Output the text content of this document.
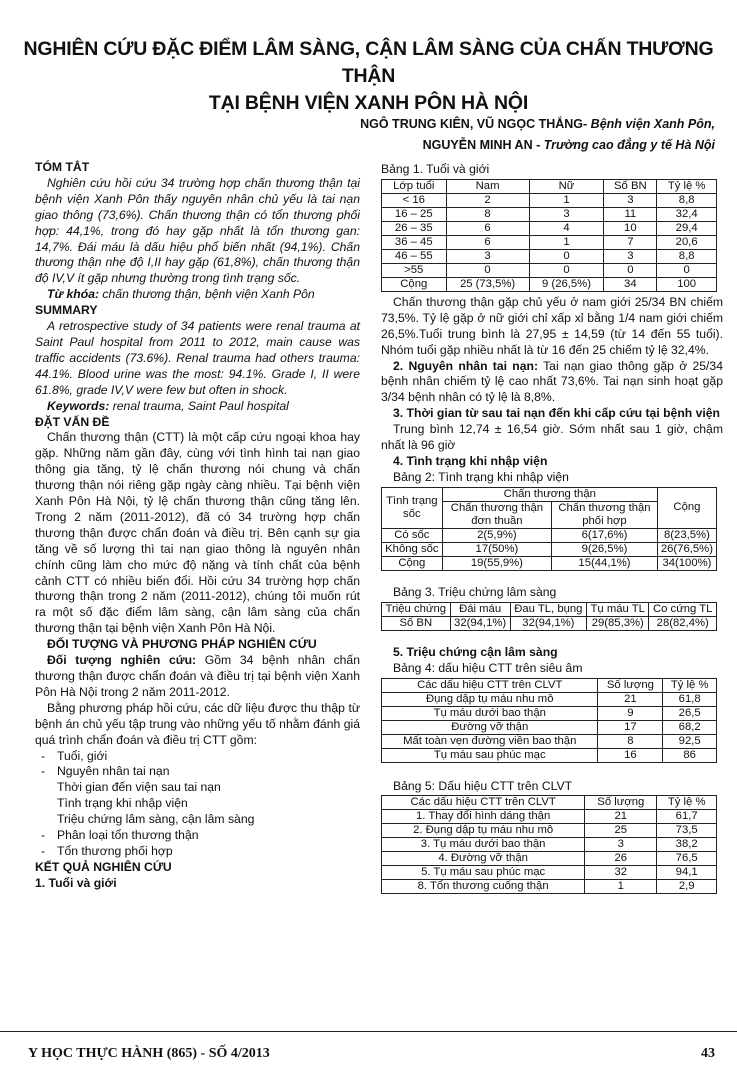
NGHIÊN CỨU ĐẶC ĐIỂM LÂM SÀNG, CẬN LÂM SÀNG CỦA CHẤN THƯƠNG THẬN
TẠI BỆNH VIỆN XANH PÔN HÀ NỘI
NGÔ TRUNG KIÊN, VŨ NGỌC THẮNG- Bệnh viện Xanh Pôn,
NGUYỄN MINH AN - Trường cao đẳng y tế Hà Nội

TÓM TẮT

Nghiên cứu hồi cứu 34 trường hợp chấn thương thận tại bệnh viện Xanh Pôn thấy nguyên nhân chủ yếu là tai nạn giao thông (73,6%). Chấn thương thận có tổn thương phối hợp: 44,1%, trong đó hay gặp nhất là tổn thương gan: 14,7%. Đái máu là dấu hiệu phổ biến nhất (94,1%). Chấn thương thận nhẹ độ I,II hay gặp (61,8%), chấn thương thận độ IV,V ít gặp nhưng thường trong tình trạng sốc.

Từ khóa: chấn thương thận, bệnh viện Xanh Pôn

SUMMARY

A retrospective study of 34 patients were renal trauma at Saint Paul hospital from 2011 to 2012, main cause was traffic accidents (73.6%). Renal trauma had others trauma: 44.1%. Blood urine was the most: 94.1%. Grade I, II were 61.8%, grade IV,V were few but often in shock.

Keywords: renal trauma, Saint Paul hospital

ĐẶT VẤN ĐỀ

Chấn thương thận (CTT) là một cấp cứu ngoại khoa hay gặp. Những năm gần đây, cùng với tình hình tai nạn giao thông gia tăng, tỷ lệ chấn thương nói chung và chấn thương thận nói riêng gặp ngày càng nhiều. Tại bệnh viện Xanh Pôn Hà Nội, tỷ lệ chấn thương thận cũng tăng lên. Trong 2 năm (2011-2012), đã có 34 trường hợp chấn thương thận được chẩn đoán và điều trị. Bên cạnh sự gia tăng về số lượng thì tai nạn giao thông là nguyên nhân chính cũng làm cho mức độ nặng và tính chất của bệnh cảnh CTT có nhiều biến đổi. Hồi cứu 34 trường hợp chấn thương thận trong 2 năm (2011-2012), chúng tôi muốn rút ra một số đặc điểm lâm sàng, cận lâm sàng của chấn thương thận tại bệnh viện Xanh Pôn Hà Nội.

ĐỐI TƯỢNG VÀ PHƯƠNG PHÁP NGHIÊN CỨU

Đối tượng nghiên cứu: Gồm 34 bệnh nhân chấn thương thận được chẩn đoán và điều trị tại bệnh viện Xanh Pôn Hà Nội trong 2 năm 2011-2012.

Bằng phương pháp hồi cứu, các dữ liệu được thu thập từ bệnh án chủ yếu tập trung vào những yếu tố nhằm đánh giá quá trình chẩn đoán và điều trị CTT gồm:

- Tuổi, giới
- Nguyên nhân tai nạn
Thời gian đến viện sau tai nạn
Tình trạng khi nhập viện
Triệu chứng lâm sàng, cận lâm sàng
- Phân loại tổn thương thận
- Tổn thương phối hợp

KẾT QUẢ NGHIÊN CỨU

1. Tuổi và giới

Bảng 1. Tuổi và giới

Lớp tuổi	Nam	Nữ	Số BN	Tỷ lệ %
< 16	2	1	3	8,8
16 – 25	8	3	11	32,4
26 – 35	6	4	10	29,4
36 – 45	6	1	7	20,6
46 – 55	3	0	3	8,8
>55	0	0	0	0
Cộng	25 (73,5%)	9 (26,5%)	34	100

Chấn thương thận gặp chủ yếu ở nam giới 25/34 BN chiếm 73,5%. Tỷ lệ gặp ở nữ giới chỉ xấp xỉ bằng 1/4 nam giới chiếm 26,5%.Tuổi trung bình là 27,95 ± 14,59 (từ 14 đến 55 tuổi). Nhóm tuổi gặp nhiều nhất là từ 16 đến 25 chiếm tỷ lệ 32,4%.

2. Nguyên nhân tai nạn: Tai nạn giao thông gặp ở 25/34 bệnh nhân chiếm tỷ lệ cao nhất 73,6%. Tai nạn sinh hoạt gặp 3/34 bệnh nhân có tỷ lệ là 8,8%.

3. Thời gian từ sau tai nạn đến khi cấp cứu tại bệnh viện

Trung bình 12,74 ± 16,54 giờ. Sớm nhất sau 1 giờ, chậm nhất là 96 giờ

4. Tình trạng khi nhập viện

Bảng 2: Tình trạng khi nhập viện

Tình trạng sốc	Chấn thương thận		Cộng
	Chấn thương thận đơn thuần	Chấn thương thận phối hợp	
Có sốc	2(5,9%)	6(17,6%)	8(23,5%)
Không sốc	17(50%)	9(26,5%)	26(76,5%)
Cộng	19(55,9%)	15(44,1%)	34(100%)

Bảng 3. Triệu chứng lâm sàng

Triệu chứng	Đái máu	Đau TL, bụng	Tụ máu TL	Co cứng TL
Số BN	32(94,1%)	32(94,1%)	29(85,3%)	28(82,4%)

5. Triệu chứng cận lâm sàng

Bảng 4: dấu hiệu CTT trên siêu âm

Các dấu hiệu CTT trên CLVT	Số lượng	Tỷ lệ %
Đụng dập tụ máu nhu mô	21	61,8
Tụ máu dưới bao thận	9	26,5
Đường vỡ thận	17	68,2
Mất toàn vẹn đường viền bao thận	8	92,5
Tụ máu sau phúc mạc	16	86

Bảng 5: Dấu hiệu CTT trên CLVT

Các dấu hiệu CTT trên CLVT	Số lượng	Tỷ lệ %
1. Thay đổi hình dáng thận	21	61,7
2. Đụng dập tụ máu nhu mô	25	73,5
3. Tụ máu dưới bao thận	3	38,2
4. Đường vỡ thận	26	76,5
5. Tụ máu sau phúc mạc	32	94,1
8. Tổn thương cuống thận	1	2,9
Y HỌC THỰC HÀNH (865) - SỐ 4/2013	43
